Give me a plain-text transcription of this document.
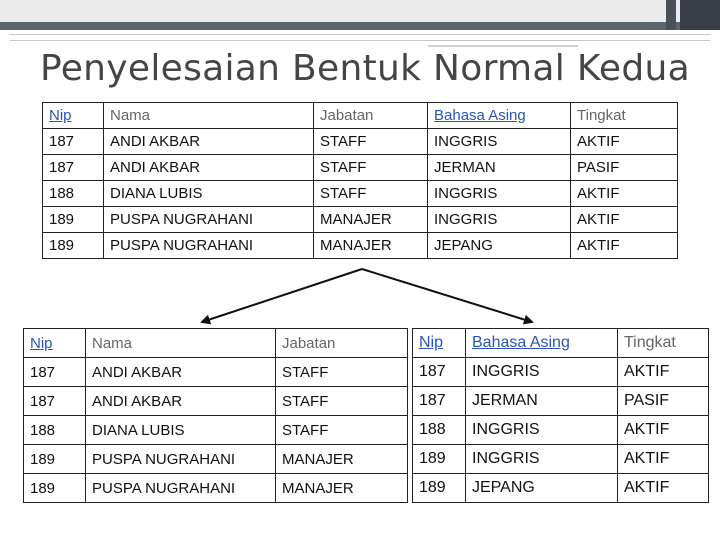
Penyelesaian Bentuk Normal Kedua
Nip	Nama	Jabatan	Bahasa Asing	Tingkat
187	ANDI AKBAR	STAFF	INGGRIS	AKTIF
187	ANDI AKBAR	STAFF	JERMAN	PASIF
188	DIANA LUBIS	STAFF	INGGRIS	AKTIF
189	PUSPA NUGRAHANI	MANAJER	INGGRIS	AKTIF
189	PUSPA NUGRAHANI	MANAJER	JEPANG	AKTIF
Nip	Nama	Jabatan
187	ANDI AKBAR	STAFF
187	ANDI AKBAR	STAFF
188	DIANA LUBIS	STAFF
189	PUSPA NUGRAHANI	MANAJER
189	PUSPA NUGRAHANI	MANAJER
Nip	Bahasa Asing	Tingkat
187	INGGRIS	AKTIF
187	JERMAN	PASIF
188	INGGRIS	AKTIF
189	INGGRIS	AKTIF
189	JEPANG	AKTIF
